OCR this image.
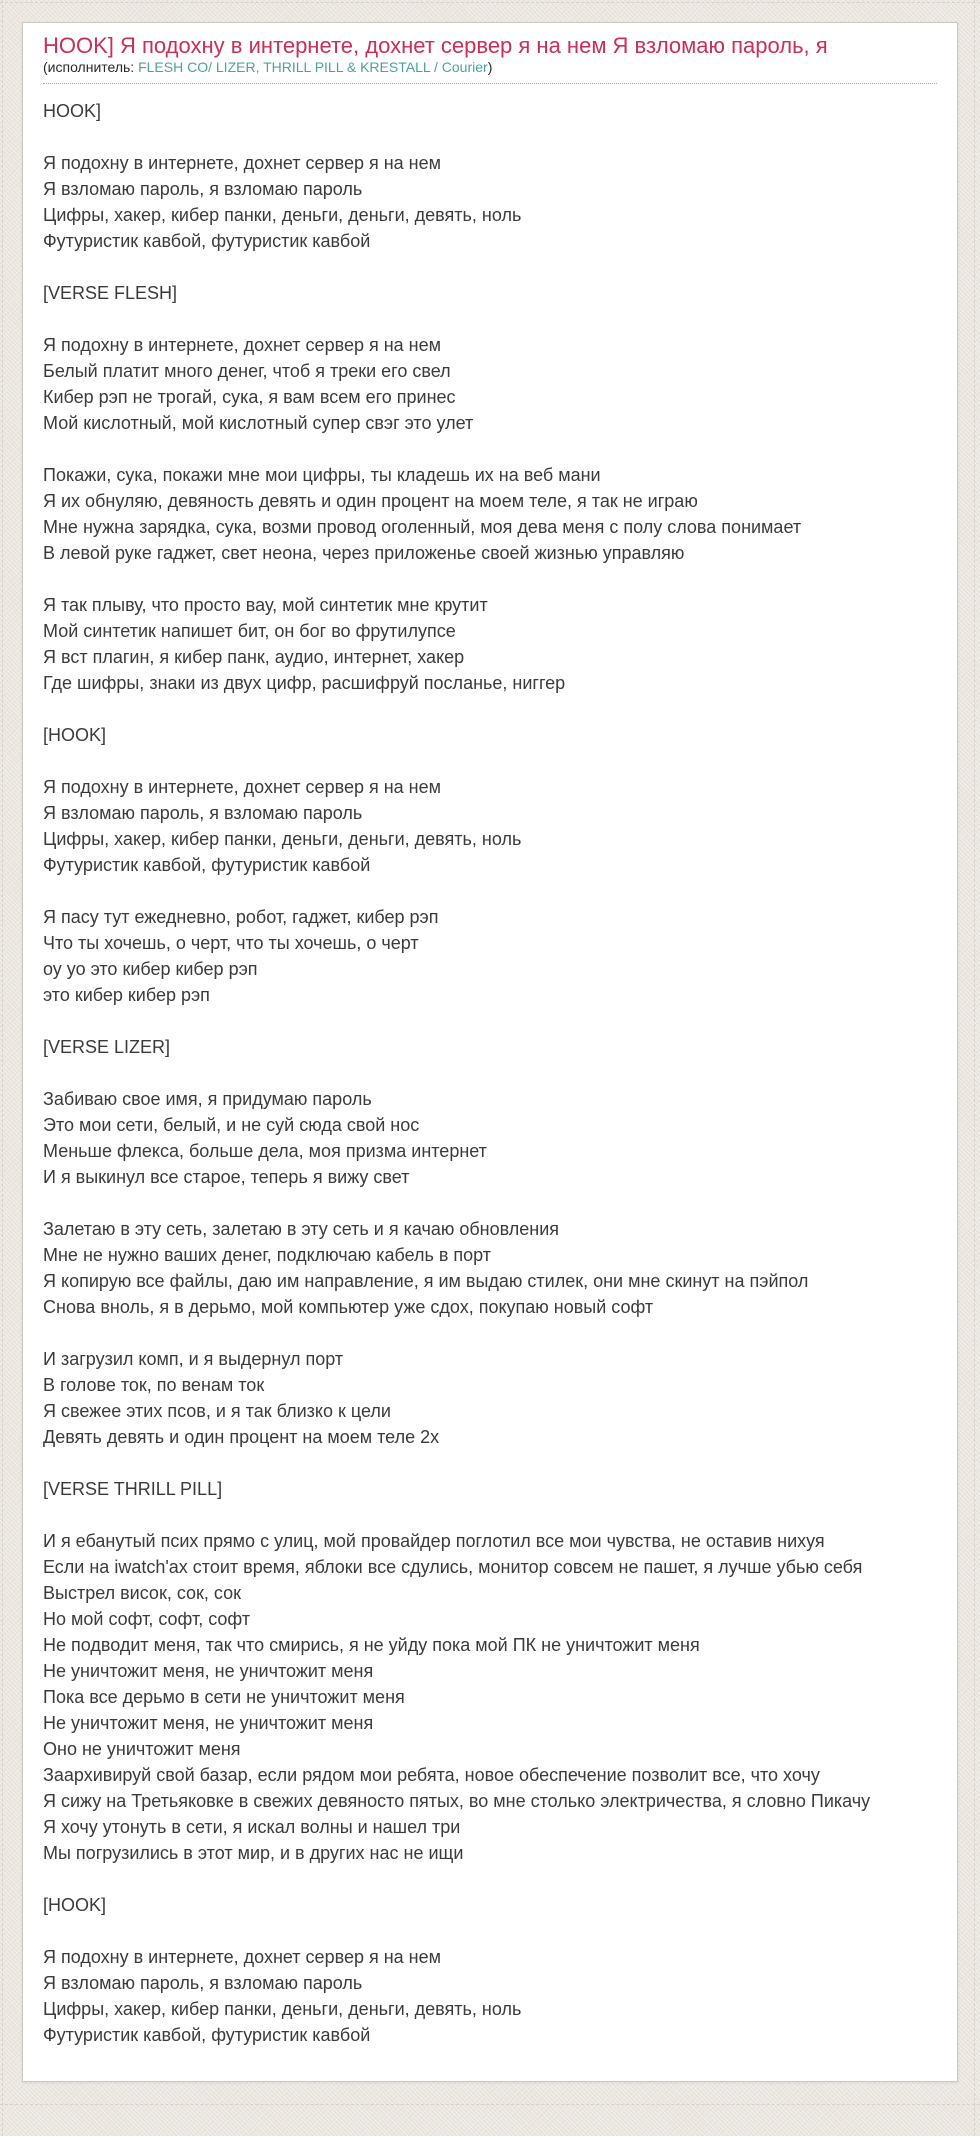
HOOK] Я подохну в интернете, дохнет сервер я на нем Я взломаю пароль, я

(исполнитель: FLESH CO/ LIZER, THRILL PILL & KRESTALL / Courier)

HOOK]

Я подохну в интернете, дохнет сервер я на нем
Я взломаю пароль, я взломаю пароль
Цифры, хакер, кибер панки, деньги, деньги, девять, ноль
Футуристик кавбой, футуристик кавбой

[VERSE FLESH]

Я подохну в интернете, дохнет сервер я на нем
Белый платит много денег, чтоб я треки его свел
Кибер рэп не трогай, сука, я вам всем его принес
Мой кислотный, мой кислотный супер свэг это улет

Покажи, сука, покажи мне мои цифры, ты кладешь их на веб мани
Я их обнуляю, девяность девять и один процент на моем теле, я так не играю
Мне нужна зарядка, сука, возми провод оголенный, моя дева меня с полу слова понимает
В левой руке гаджет, свет неона, через приложенье своей жизнью управляю

Я так плыву, что просто вау, мой синтетик мне крутит
Мой синтетик напишет бит, он бог во фрутилупсе
Я вст плагин, я кибер панк, аудио, интернет, хакер
Где шифры, знаки из двух цифр, расшифруй посланье, ниггер

[HOOK]

Я подохну в интернете, дохнет сервер я на нем
Я взломаю пароль, я взломаю пароль
Цифры, хакер, кибер панки, деньги, деньги, девять, ноль
Футуристик кавбой, футуристик кавбой

Я пасу тут ежедневно, робот, гаджет, кибер рэп
Что ты хочешь, о черт, что ты хочешь, о черт
оу уо это кибер кибер рэп
это кибер кибер рэп

[VERSE LIZER]

Забиваю свое имя, я придумаю пароль
Это мои сети, белый, и не суй сюда свой нос
Меньше флекса, больше дела, моя призма интернет
И я выкинул все старое, теперь я вижу свет

Залетаю в эту сеть, залетаю в эту сеть и я качаю обновления
Мне не нужно ваших денег, подключаю кабель в порт
Я копирую все файлы, даю им направление, я им выдаю стилек, они мне скинут на пэйпол
Снова вноль, я в дерьмо, мой компьютер уже сдох, покупаю новый софт

И загрузил комп, и я выдернул порт
В голове ток, по венам ток
Я свежее этих псов, и я так близко к цели
Девять девять и один процент на моем теле 2х

[VERSE THRILL PILL]

И я ебанутый псих прямо с улиц, мой провайдер поглотил все мои чувства, не оставив нихуя
Если на iwatch'ах стоит время, яблоки все сдулись, монитор совсем не пашет, я лучше убью себя
Выстрел висок, сок, сок
Но мой софт, софт, софт
Не подводит меня, так что смирись, я не уйду пока мой ПК не уничтожит меня
Не уничтожит меня, не уничтожит меня
Пока все дерьмо в сети не уничтожит меня
Не уничтожит меня, не уничтожит меня
Оно не уничтожит меня
Заархивируй свой базар, если рядом мои ребята, новое обеспечение позволит все, что хочу
Я сижу на Третьяковке в свежих девяносто пятых, во мне столько электричества, я словно Пикачу
Я хочу утонуть в сети, я искал волны и нашел три
Мы погрузились в этот мир, и в других нас не ищи

[HOOK]

Я подохну в интернете, дохнет сервер я на нем
Я взломаю пароль, я взломаю пароль
Цифры, хакер, кибер панки, деньги, деньги, девять, ноль
Футуристик кавбой, футуристик кавбой
